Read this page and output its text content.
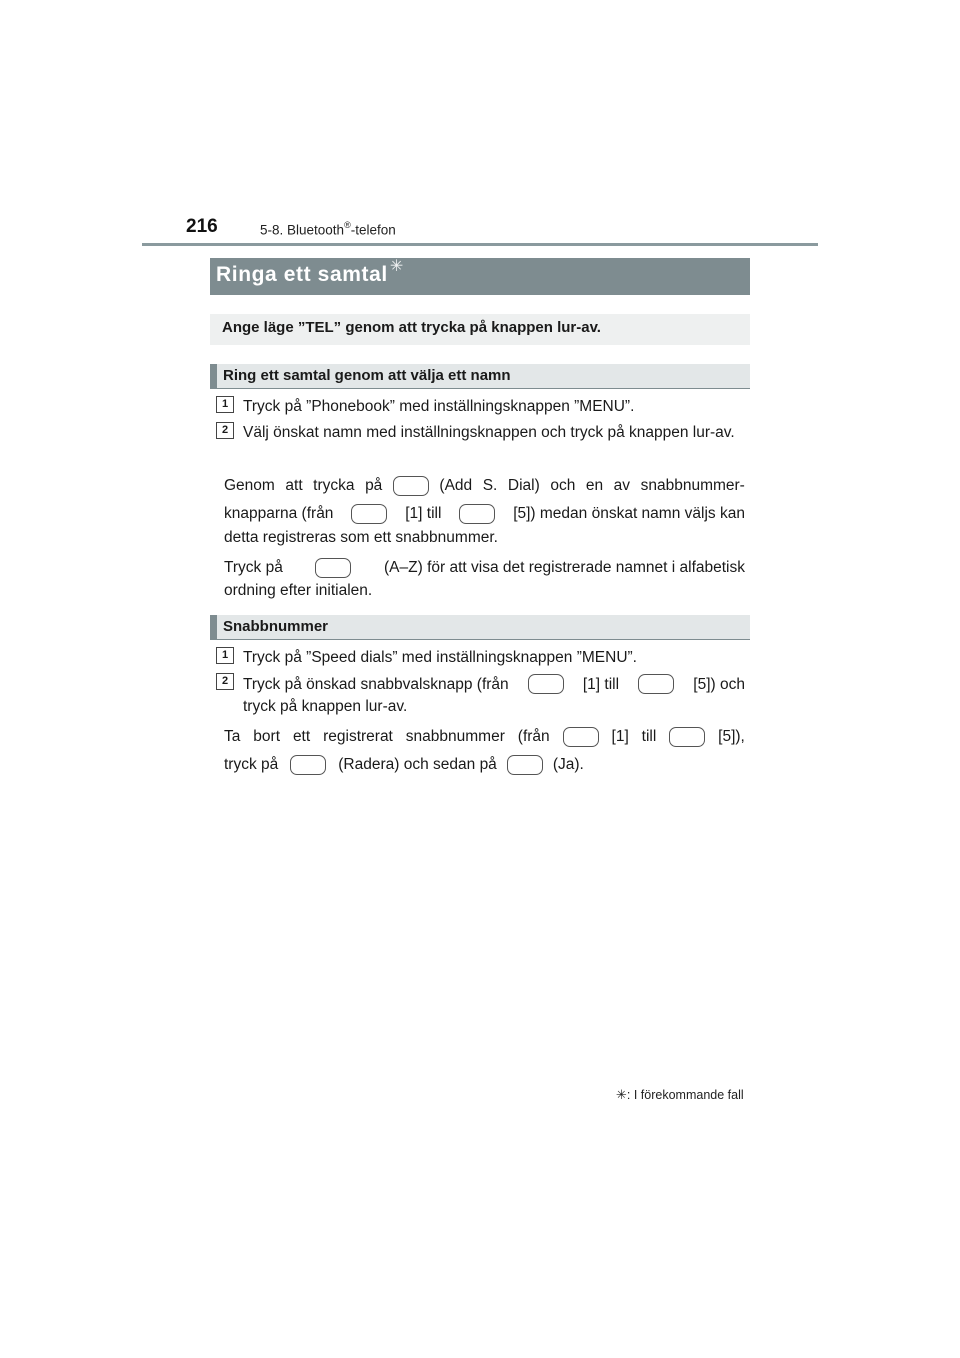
216	5-8. Bluetooth®-telefon
Ringa ett samtal ✳
Ange läge ”TEL” genom att trycka på knappen lur-av.
Ring ett samtal genom att välja ett namn
1 Tryck på ”Phonebook” med inställningsknappen ”MENU”.
2 Välj önskat namn med inställningsknappen och tryck på knappen lur-av.
Genom att trycka på	(Add S. Dial) och en av snabbnummer-
knapparna (från	[1] till	[5]) medan önskat namn väljs kan
detta registreras som ett snabbnummer.
Tryck på	(A–Z) för att visa det registrerade namnet i alfabetisk
ordning efter initialen.
Snabbnummer
1 Tryck på ”Speed dials” med inställningsknappen ”MENU”.
2 Tryck på önskad snabbvalsknapp (från	[1] till	[5]) och
tryck på knappen lur-av.
Ta bort ett registrerat snabbnummer (från	[1] till	[5]),
tryck på	(Radera) och sedan på	(Ja).
✳: I förekommande fall
